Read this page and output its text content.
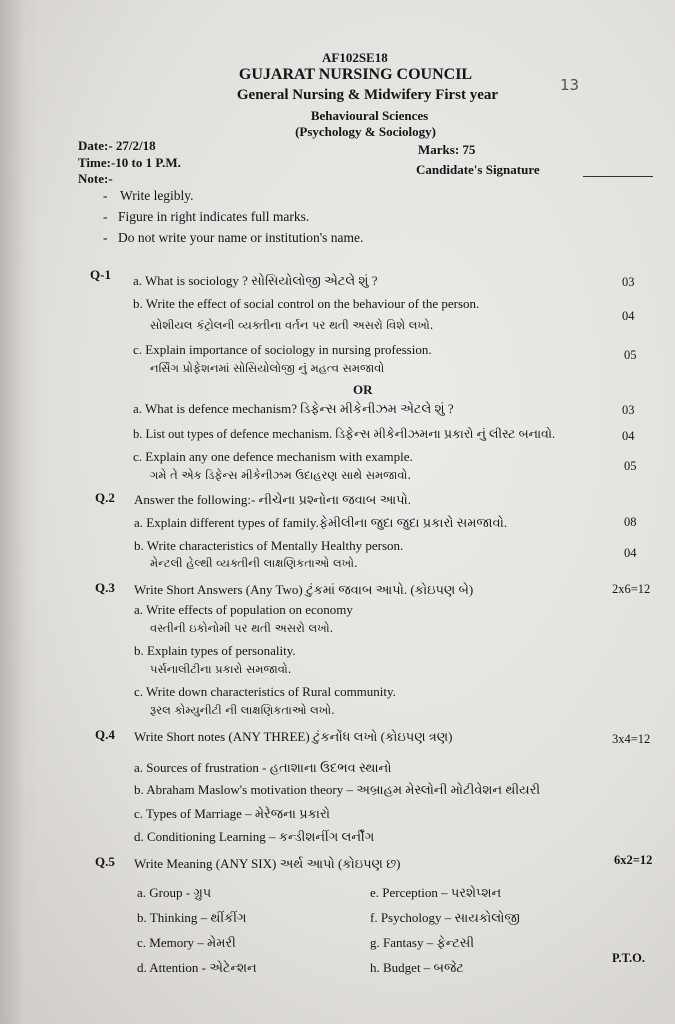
AF102SE18
GUJARAT NURSING COUNCIL
General Nursing & Midwifery First year
Behavioural Sciences
(Psychology & Sociology)
13
Date:- 27/2/18	Marks: 75
Time:-10 to 1 P.M.	Candidate's Signature
Note:-
- Write legibly.
- Figure in right indicates full marks.
- Do not write your name or institution's name.
Q-1 a. What is sociology ? સોસિયોલોજી એટલે શું ?	03
b. Write the effect of social control on the behaviour of the person.
સોશીયલ કંટ્રોલની વ્યક્તીના વર્તન પર થતી અસરો વિશે લખો.
04
c. Explain importance of sociology in nursing profession.
નર્સિંગ પ્રોફેશનમાં સોસિયોલોજી નું મહત્વ સમજાવો
05
OR
a. What is defence mechanism? ડિફેન્સ મીકેનીઝમ એટલે શું ?	03
b. List out types of defence mechanism. ડિફેન્સ મીકેનીઝમના પ્રકારો નું લીસ્ટ બનાવો.	04
c. Explain any one defence mechanism with example.
ગમે તે એક ડિફેન્સ મીકેનીઝમ ઉદાહરણ સાથે સમજાવો.
05
Q.2 Answer the following:- નીચેના પ્રશ્નોના જવાબ આપો.
a. Explain different types of family.ફેમીલીના જુદા જુદા પ્રકારો સમજાવો.	08
b. Write characteristics of Mentally Healthy person.
મેન્ટલી હેલ્થી વ્યક્તીની લાક્ષણિકતાઓ લખો.
04
Q.3 Write Short Answers (Any Two) ટુંકમાં જવાબ આપો. (કોઇપણ બે)	2x6=12
a. Write effects of population on economy
વસ્તીની ઇકોનોમી પર થતી અસરો લખો.
b. Explain types of personality.
પર્સનાલીટીના પ્રકારો સમજાવો.
c. Write down characteristics of Rural community.
રૂરલ કોમ્યુનીટી ની લાક્ષણિકતાઓ લખો.
Q.4 Write Short notes (ANY THREE) ટુંકનોંધ લખો (કોઇપણ ત્રણ)	3x4=12
a. Sources of frustration - હતાશાના ઉદભવ સ્થાનો
b. Abraham Maslow's motivation theory – અબ્રાહમ મેસ્લોની મોટીવેશન થીયરી
c. Types of Marriage – મેરેજના પ્રકારો
d. Conditioning Learning – કન્ડીશનીંગ લર્નીંગ
Q.5 Write Meaning (ANY SIX) અર્થ આપો (કોઇપણ છ)	6x2=12
a. Group - ગ્રુપ	e. Perception – પરશેપ્શન
b. Thinking – થીંકીંગ	f. Psychology – સાયકોલોજી
c. Memory – મેમરી	g. Fantasy – ફેન્ટસી
d. Attention - એટેન્શન	h. Budget – બજેટ
P.T.O.
